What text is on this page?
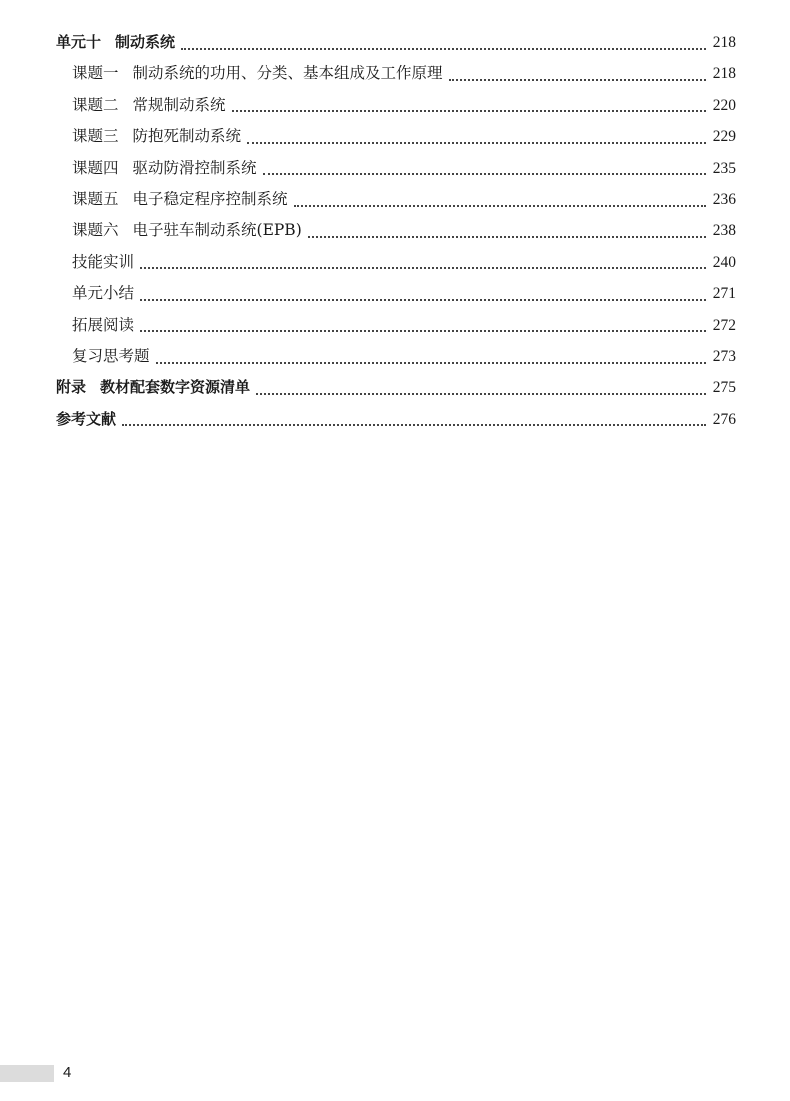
单元十 制动系统	218
课题一 制动系统的功用、分类、基本组成及工作原理	218
课题二 常规制动系统	220
课题三 防抱死制动系统	229
课题四 驱动防滑控制系统	235
课题五 电子稳定程序控制系统	236
课题六 电子驻车制动系统(EPB)	238
技能实训	240
单元小结	271
拓展阅读	272
复习思考题	273
附录 教材配套数字资源清单	275
参考文献	276
4
